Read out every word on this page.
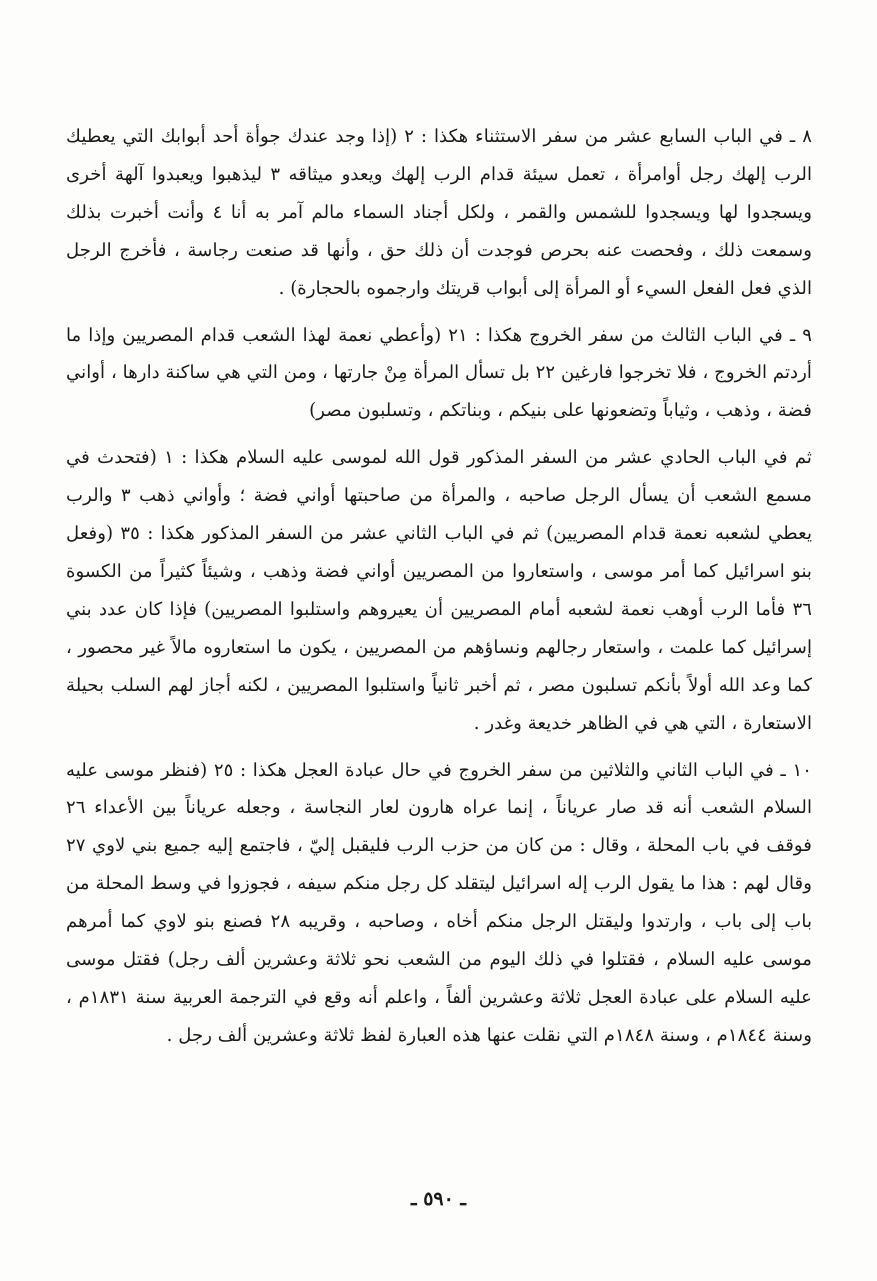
٨ ـ في الباب السابع عشر من سفر الاستثناء هكذا : ٢ (إذا وجد عندك جوأة أحد أبوابك التي يعطيك الرب إلهك رجل أوامرأة ، تعمل سيئة قدام الرب إلهك ويعدو ميثاقه ٣ ليذهبوا ويعبدوا آلهة أخرى ويسجدوا لها ويسجدوا للشمس والقمر ، ولكل أجناد السماء مالم آمر به أنا ٤ وأنت أخبرت بذلك وسمعت ذلك ، وفحصت عنه بحرص فوجدت أن ذلك حق ، وأنها قد صنعت رجاسة ، فأخرج الرجل الذي فعل الفعل السيء أو المرأة إلى أبواب قريتك وارجموه بالحجارة) .

٩ ـ في الباب الثالث من سفر الخروج هكذا : ٢١ (وأعطي نعمة لهذا الشعب قدام المصريين وإذا ما أردتم الخروج ، فلا تخرجوا فارغين ٢٢ بل تسأل المرأة مِنْ جارتها ، ومن التي هي ساكنة دارها ، أواني فضة ، وذهب ، وثياباً وتضعونها على بنيكم ، وبناتكم ، وتسلبون مصر)

ثم في الباب الحادي عشر من السفر المذكور قول الله لموسى عليه السلام هكذا : ١ (فتحدث في مسمع الشعب أن يسأل الرجل صاحبه ، والمرأة من صاحبتها أواني فضة ؛ وأواني ذهب ٣ والرب يعطي لشعبه نعمة قدام المصريين) ثم في الباب الثاني عشر من السفر المذكور هكذا : ٣٥ (وفعل بنو اسرائيل كما أمر موسى ، واستعاروا من المصريين أواني فضة وذهب ، وشيئاً كثيراً من الكسوة ٣٦ فأما الرب أوهب نعمة لشعبه أمام المصريين أن يعيروهم واستلبوا المصريين) فإذا كان عدد بني إسرائيل كما علمت ، واستعار رجالهم ونساؤهم من المصريين ، يكون ما استعاروه مالاً غير محصور ، كما وعد الله أولاً بأنكم تسلبون مصر ، ثم أخبر ثانياً واستلبوا المصريين ، لكنه أجاز لهم السلب بحيلة الاستعارة ، التي هي في الظاهر خديعة وغدر .

١٠ ـ في الباب الثاني والثلاثين من سفر الخروج في حال عبادة العجل هكذا : ٢٥ (فنظر موسى عليه السلام الشعب أنه قد صار عرياناً ، إنما عراه هارون لعار النجاسة ، وجعله عرياناً بين الأعداء ٢٦ فوقف في باب المحلة ، وقال : من كان من حزب الرب فليقبل إليّ ، فاجتمع إليه جميع بني لاوي ٢٧ وقال لهم : هذا ما يقول الرب إله اسرائيل ليتقلد كل رجل منكم سيفه ، فجوزوا في وسط المحلة من باب إلى باب ، وارتدوا وليقتل الرجل منكم أخاه ، وصاحبه ، وقريبه ٢٨ فصنع بنو لاوي كما أمرهم موسى عليه السلام ، فقتلوا في ذلك اليوم من الشعب نحو ثلاثة وعشرين ألف رجل) فقتل موسى عليه السلام على عبادة العجل ثلاثة وعشرين ألفاً ، واعلم أنه وقع في الترجمة العربية سنة ١٨٣١م ، وسنة ١٨٤٤م ، وسنة ١٨٤٨م التي نقلت عنها هذه العبارة لفظ ثلاثة وعشرين ألف رجل .

ـ ٥٩٠ ـ
